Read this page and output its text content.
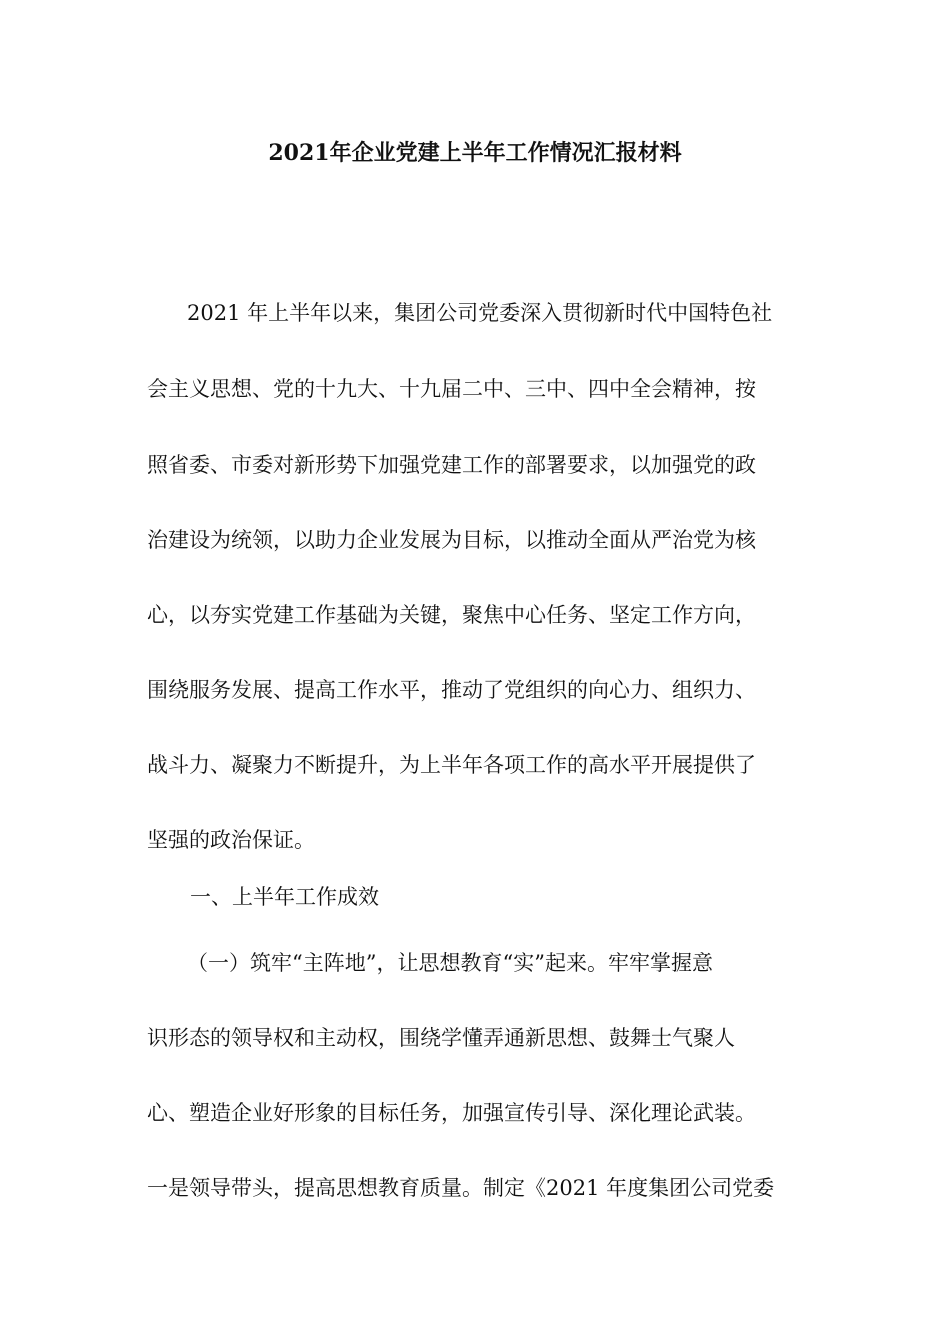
2021年企业党建上半年工作情况汇报材料
2021 年上半年以来，集团公司党委深入贯彻新时代中国特色社
会主义思想、党的十九大、十九届二中、三中、四中全会精神，按
照省委、市委对新形势下加强党建工作的部署要求，以加强党的政
治建设为统领，以助力企业发展为目标，以推动全面从严治党为核
心，以夯实党建工作基础为关键，聚焦中心任务、坚定工作方向，
围绕服务发展、提高工作水平，推动了党组织的向心力、组织力、
战斗力、凝聚力不断提升，为上半年各项工作的高水平开展提供了
坚强的政治保证。
一、上半年工作成效
（一）筑牢“主阵地”，让思想教育“实”起来。牢牢掌握意
识形态的领导权和主动权，围绕学懂弄通新思想、鼓舞士气聚人
心、塑造企业好形象的目标任务，加强宣传引导、深化理论武装。
一是领导带头，提高思想教育质量。制定《2021 年度集团公司党委
